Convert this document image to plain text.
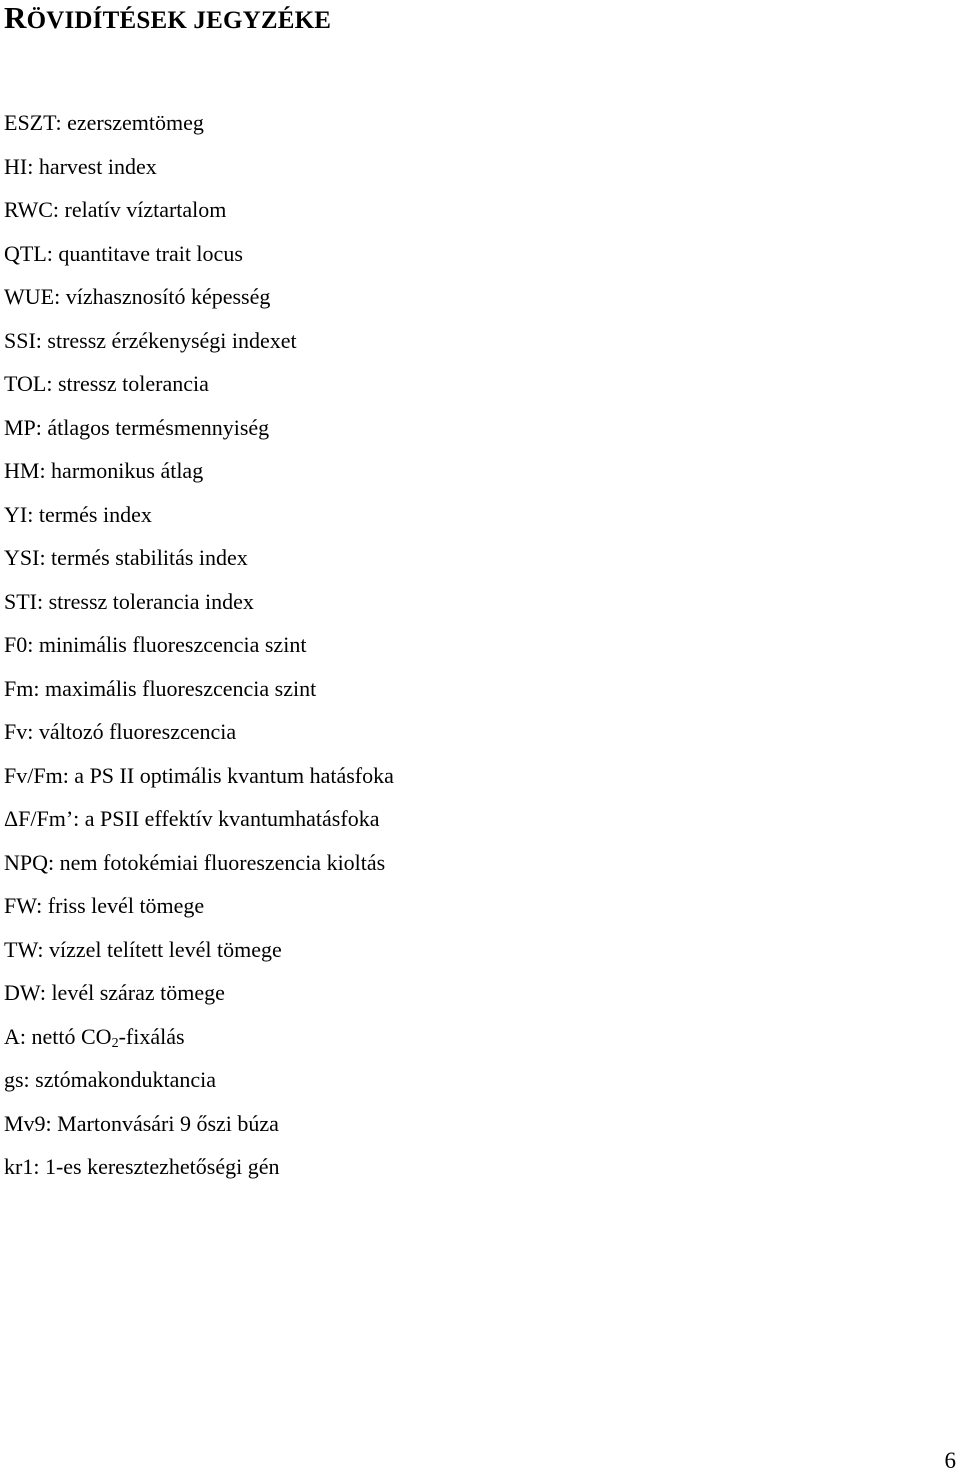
RÖVIDÍTÉSEK JEGYZÉKE
ESZT: ezerszemtömeg
HI: harvest index
RWC: relatív víztartalom
QTL: quantitave trait locus
WUE: vízhasznosító képesség
SSI: stressz érzékenységi indexet
TOL: stressz tolerancia
MP: átlagos termésmennyiség
HM: harmonikus átlag
YI: termés index
YSI: termés stabilitás index
STI: stressz tolerancia index
F0: minimális fluoreszcencia szint
Fm: maximális fluoreszcencia szint
Fv: változó fluoreszcencia
Fv/Fm: a PS II optimális kvantum hatásfoka
ΔF/Fm’: a PSII effektív kvantumhatásfoka
NPQ: nem fotokémiai fluoreszencia kioltás
FW: friss levél tömege
TW: vízzel telített levél tömege
DW: levél száraz tömege
A: nettó $CO_2$-fixálás
gs: sztómakonduktancia
Mv9: Martonvásári 9 őszi búza
kr1: 1-es keresztezhetőségi gén
6
